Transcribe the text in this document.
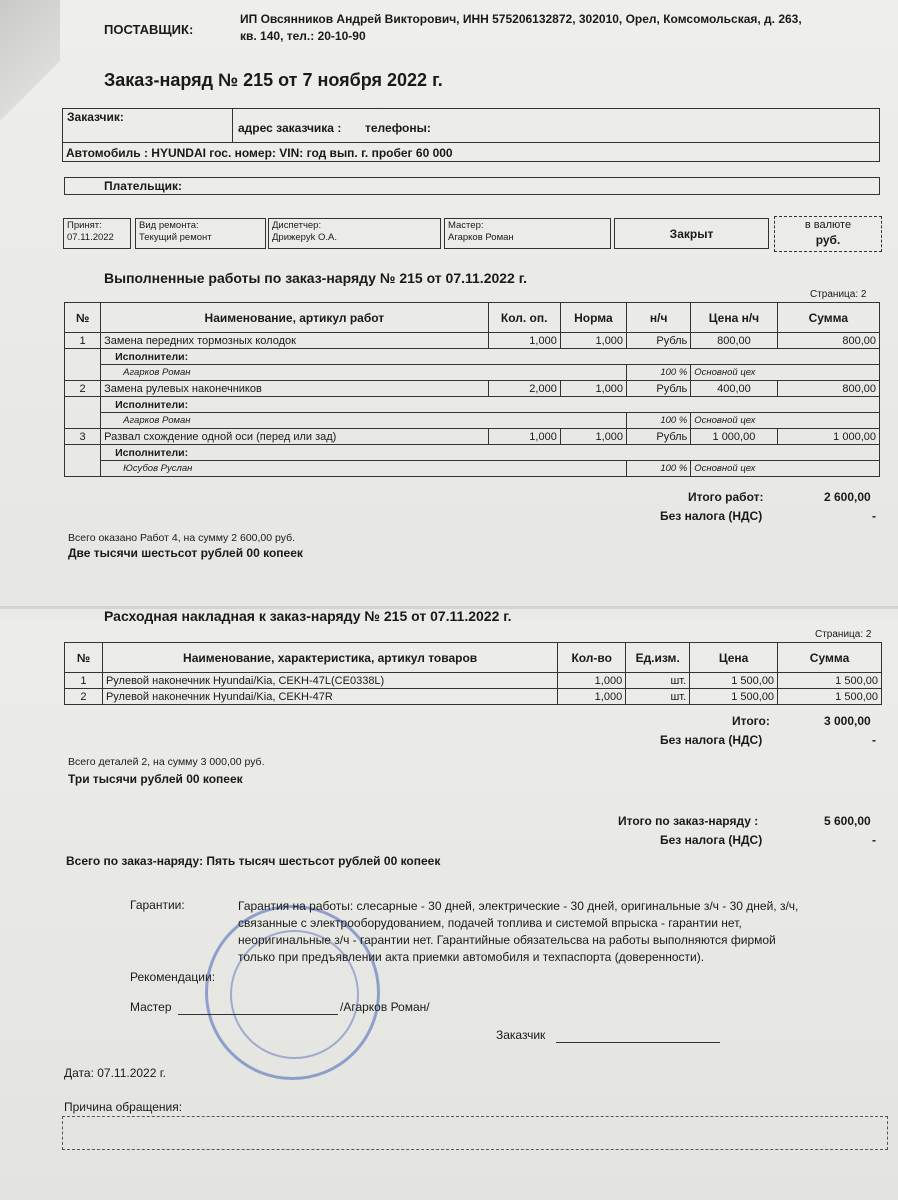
ПОСТАВЩИК:
ИП Овсянников Андрей Викторович, ИНН 575206132872, 302010, Орел, Комсомольская, д. 263,
кв. 140, тел.: 20-10-90
Заказ-наряд № 215 от 7 ноября 2022 г.
Заказчик:
адрес заказчика : телефоны:
Автомобиль : HYUNDAI гос. номер: VIN: год вып. г. пробег 60 000
Плательщик:
Принят:
07.11.2022
Вид ремонта:
Текущий ремонт
Диспетчер:
Дрижеруk О.А.
Мастер:
Агарков Роман	Закрыт
в валюте
руб.
Выполненные работы по заказ-наряду № 215 от 07.11.2022 г.
Страница: 2
№	Наименование, артикул работ	Кол. оп.	Норма	н/ч	Цена н/ч	Сумма
1	Замена передних тормозных колодок	1,000	1,000	Рубль	800,00	800,00
	Исполнители:					
	Агарков Роман			100 %	Основной цех	
2	Замена рулевых наконечников	2,000	1,000	Рубль	400,00	800,00
	Исполнители:					
	Агарков Роман			100 %	Основной цех	
3	Развал схождение одной оси (перед или зад)	1,000	1,000	Рубль	1 000,00	1 000,00
	Исполнители:					
	Юсубов Руслан			100 %	Основной цех	
Итого работ:	2 600,00
Без налога (НДС)	-
Всего оказано Работ 4, на сумму 2 600,00 руб.
Две тысячи шестьсот рублей 00 копеек
Расходная накладная к заказ-наряду № 215 от 07.11.2022 г.
Страница: 2
№	Наименование, характеристика, артикул товаров	Кол-во	Ед.изм.	Цена	Сумма
1	Рулевой наконечник Hyundai/Kia, CEKH-47L(CE0338L)	1,000	шт.	1 500,00	1 500,00
2	Рулевой наконечник Hyundai/Kia, CEKH-47R	1,000	шт.	1 500,00	1 500,00
Итого:	3 000,00
Без налога (НДС)	-
Всего деталей 2, на сумму 3 000,00 руб.
Три тысячи рублей 00 копеек
Итого по заказ-наряду :	5 600,00
Без налога (НДС)	-
Всего по заказ-наряду: Пять тысяч шестьсот рублей 00 копеек
Гарантии:	Гарантия на работы: слесарные - 30 дней, электрические - 30 дней, оригинальные з/ч - 30 дней, з/ч,
связанные с электрооборудованием, подачей топлива и системой впрыска - гарантии нет,
неоригинальные з/ч - гарантии нет. Гарантийные обязательсва на работы выполняются фирмой
только при предъявлении акта приемки автомобиля и техпаспорта (доверенности).
Рекомендации:
Мастер	/Агарков Роман/
Заказчик
Дата: 07.11.2022 г.
Причина обращения:
